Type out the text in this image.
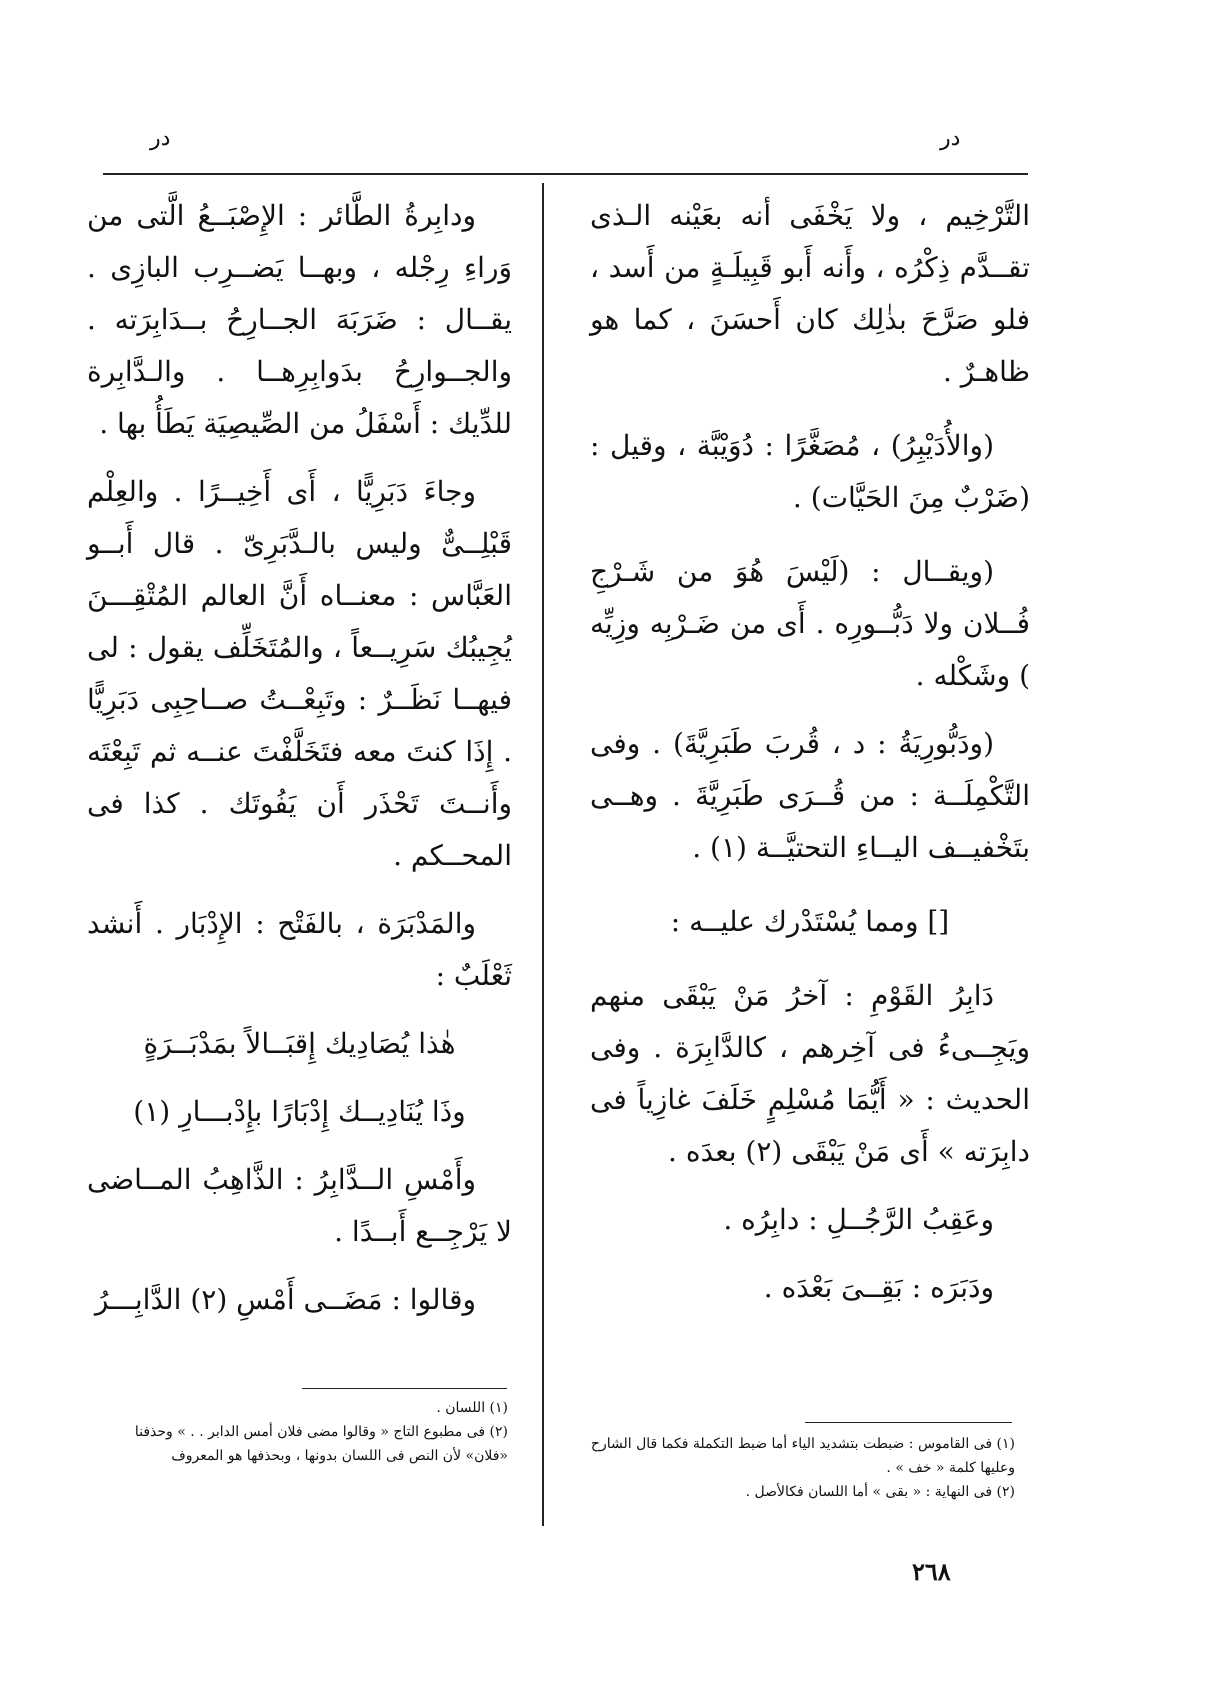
در	در

التَّرْخِيم ، ولا يَخْفَى أنه بعَيْنه الـذى تقــدَّم ذِكْرُه ، وأَنه أَبو قَبِيلَـةٍ من أَسد ، فلو صَرَّحَ بذٰلِك كان أَحسَنَ ، كما هو ظاهـرٌ .

(والأُدَيْبِرُ) ، مُصَغَّرًا : دُوَيْبَّة ، وقيل : (ضَرْبٌ مِنَ الحَيَّات) .

(ويقــال : (لَيْسَ هُوَ من شَـرْجِ فُــلان ولا دَبُّــورِه . أَى من ضَـرْبِه وزِيِّه ) وشَكْله .

(ودَبُّورِيَةُ : د ، قُربَ طَبَرِيَّةَ) . وفى التَّكْمِلَــة : من قُــرَى طَبَرِيَّةَ . وهــى بتَخْفيــف اليــاءِ التحتيَّــة (١) .

[] ومما يُسْتَدْرك عليــه :

دَابِرُ القَوْمِ : آخرُ مَنْ يَبْقَى منهم ويَجِــىءُ فى آخِرهم ، كالدَّابِرَة . وفى الحديث : « أَيُّمَا مُسْلِمٍ خَلَفَ غازِياً فى دابِرَته » أَى مَنْ يَبْقَى (٢) بعدَه .

وعَقِبُ الرَّجُــلِ : دابِرُه .

ودَبَرَه : بَقِــىَ بَعْدَه .

ودابِرةُ الطَّائر : الإِصْبَــعُ الَّتى من وَراءِ رِجْله ، وبهــا يَضــرِب البازِى . يقــال : ضَرَبَهَ الجــارِحُ بــدَابِرَته . والجــوارِحُ بدَوابِرِهــا . والـدَّابِرة للدِّيك : أَسْفَلُ من الصِّيصِيَة يَطَأُ بها .

وجاءَ دَبَرِيًّا ، أَى أَخِيــرًا . والعِلْم قَبْلِــىٌّ وليس بالـدَّبَرِىّ . قال أَبــو العَبَّاس : معنــاه أَنَّ العالم المُتْقِـــنَ يُجِيبُك سَرِيــعاً ، والمُتَخَلِّف يقول : لى فيهــا نَظَــرٌ : وتَبِعْــتُ صــاحِبِى دَبَرِيًّا . إِذَا كنتَ معه فتَخَلَّفْتَ عنــه ثم تَبِعْتَه وأَنــتَ تَحْذَر أَن يَفُوتَك . كذا فى المحــكم .

والمَدْبَرَة ، بالفَتْح : الإِدْبَار . أَنشد ثَعْلَبٌ :

هٰذا يُصَادِيك إِقبَــالاً بمَدْبَــرَةٍ

وذَا يُنَادِيــك إِدْبَارًا بإِدْبـــارِ (١)

وأَمْسِ الــدَّابِرُ : الذَّاهِبُ المــاضى لا يَرْجِــع أَبــدًا .

وقالوا : مَضَــى أَمْسِ (٢) الدَّابِـــرُ

(١) اللسان .

(٢) فى مطبوع التاج « وقالوا مضى فلان أمس الدابر . . » وحذفنا «فلان» لأن النص فى اللسان بدونها ، وبحذفها هو المعروف

(١) فى القاموس : ضبطت بتشديد الياء أما ضبط التكملة فكما قال الشارح وعليها كلمة « خف » .

(٢) فى النهاية : « بقى » أما اللسان فكالأصل .

٢٦٨
